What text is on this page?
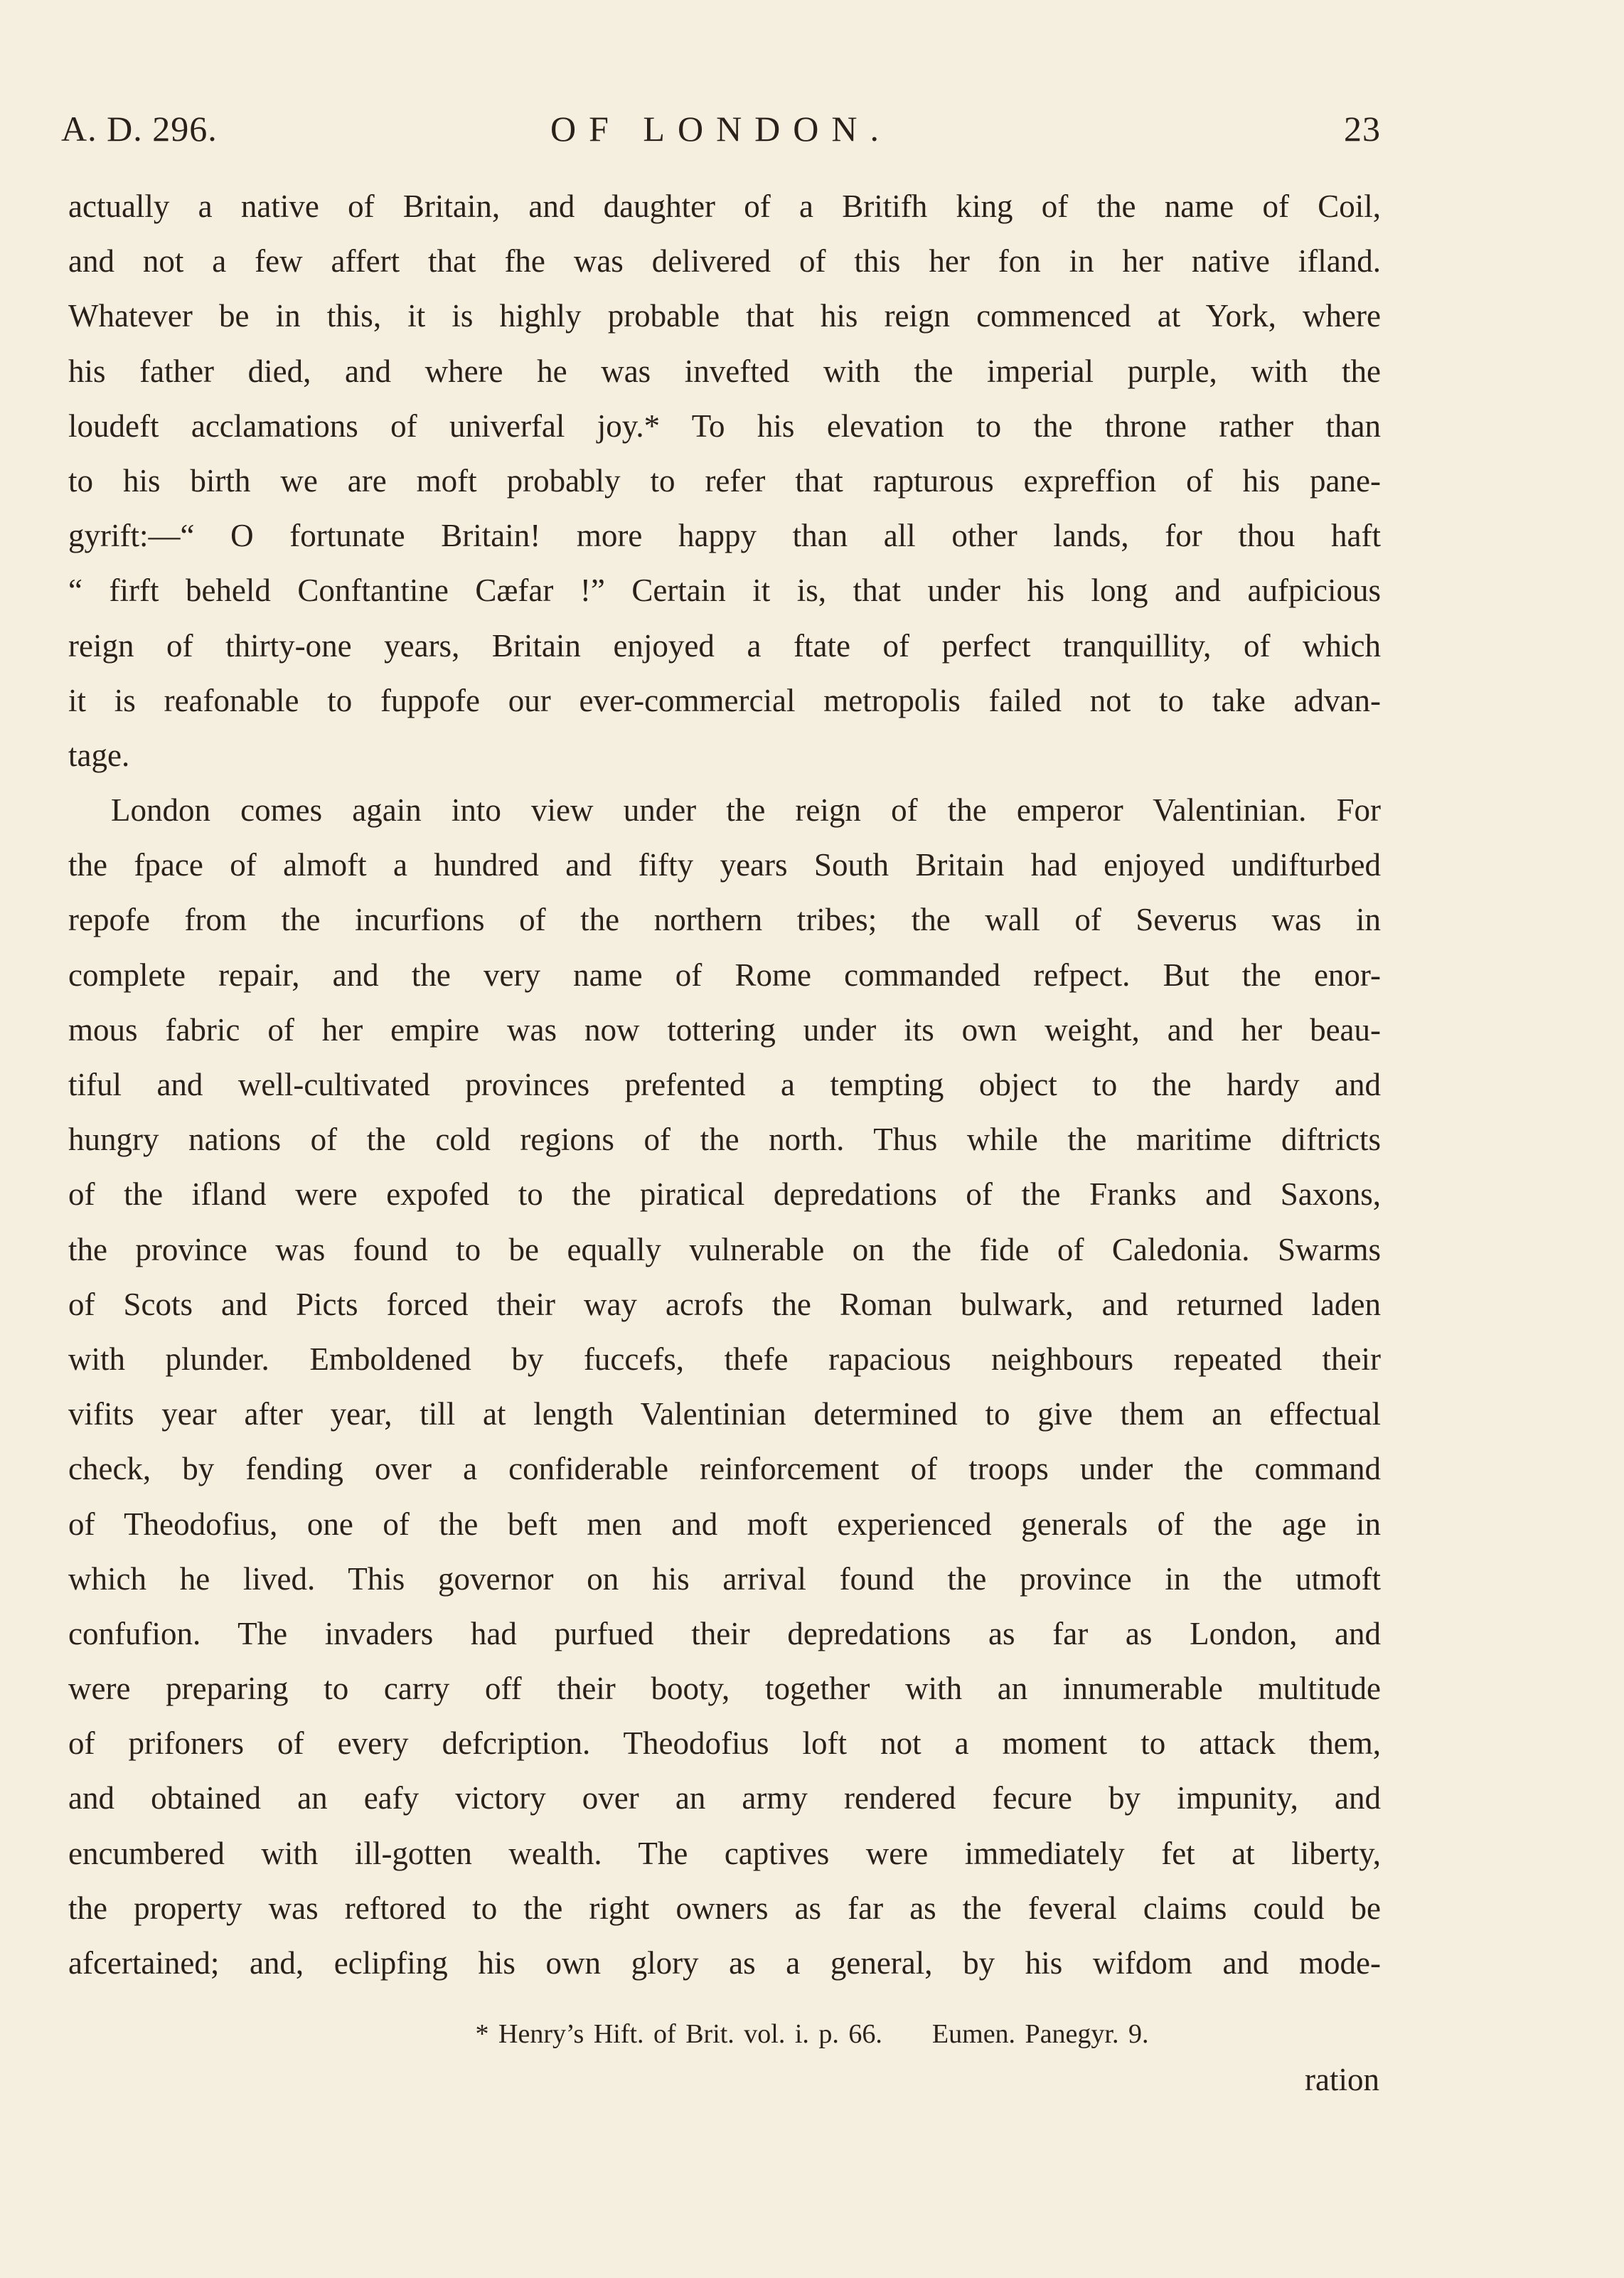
A. D. 296.	OF LONDON.	23
actually a native of Britain, and daughter of a Britifh king of the name of Coil,
and not a few affert that fhe was delivered of this her fon in her native ifland.
Whatever be in this, it is highly probable that his reign commenced at York, where
his father died, and where he was invefted with the imperial purple, with the
loudeft acclamations of univerfal joy.* To his elevation to the throne rather than
to his birth we are moft probably to refer that rapturous expreffion of his pane-
gyrift:—“ O fortunate Britain! more happy than all other lands, for thou haft
“ firft beheld Conftantine Cæfar !” Certain it is, that under his long and aufpicious
reign of thirty-one years, Britain enjoyed a ftate of perfect tranquillity, of which
it is reafonable to fuppofe our ever-commercial metropolis failed not to take advan-
tage.
London comes again into view under the reign of the emperor Valentinian. For
the fpace of almoft a hundred and fifty years South Britain had enjoyed undifturbed
repofe from the incurfions of the northern tribes; the wall of Severus was in
complete repair, and the very name of Rome commanded refpect. But the enor-
mous fabric of her empire was now tottering under its own weight, and her beau-
tiful and well-cultivated provinces prefented a tempting object to the hardy and
hungry nations of the cold regions of the north. Thus while the maritime diftricts
of the ifland were expofed to the piratical depredations of the Franks and Saxons,
the province was found to be equally vulnerable on the fide of Caledonia. Swarms
of Scots and Picts forced their way acrofs the Roman bulwark, and returned laden
with plunder. Emboldened by fuccefs, thefe rapacious neighbours repeated their
vifits year after year, till at length Valentinian determined to give them an effectual
check, by fending over a confiderable reinforcement of troops under the command
of Theodofius, one of the beft men and moft experienced generals of the age in
which he lived. This governor on his arrival found the province in the utmoft
confufion. The invaders had purfued their depredations as far as London, and
were preparing to carry off their booty, together with an innumerable multitude
of prifoners of every defcription. Theodofius loft not a moment to attack them,
and obtained an eafy victory over an army rendered fecure by impunity, and
encumbered with ill-gotten wealth. The captives were immediately fet at liberty,
the property was reftored to the right owners as far as the feveral claims could be
afcertained; and, eclipfing his own glory as a general, by his wifdom and mode-
* Henry’s Hift. of Brit. vol. i. p. 66. Eumen. Panegyr. 9.
ration
